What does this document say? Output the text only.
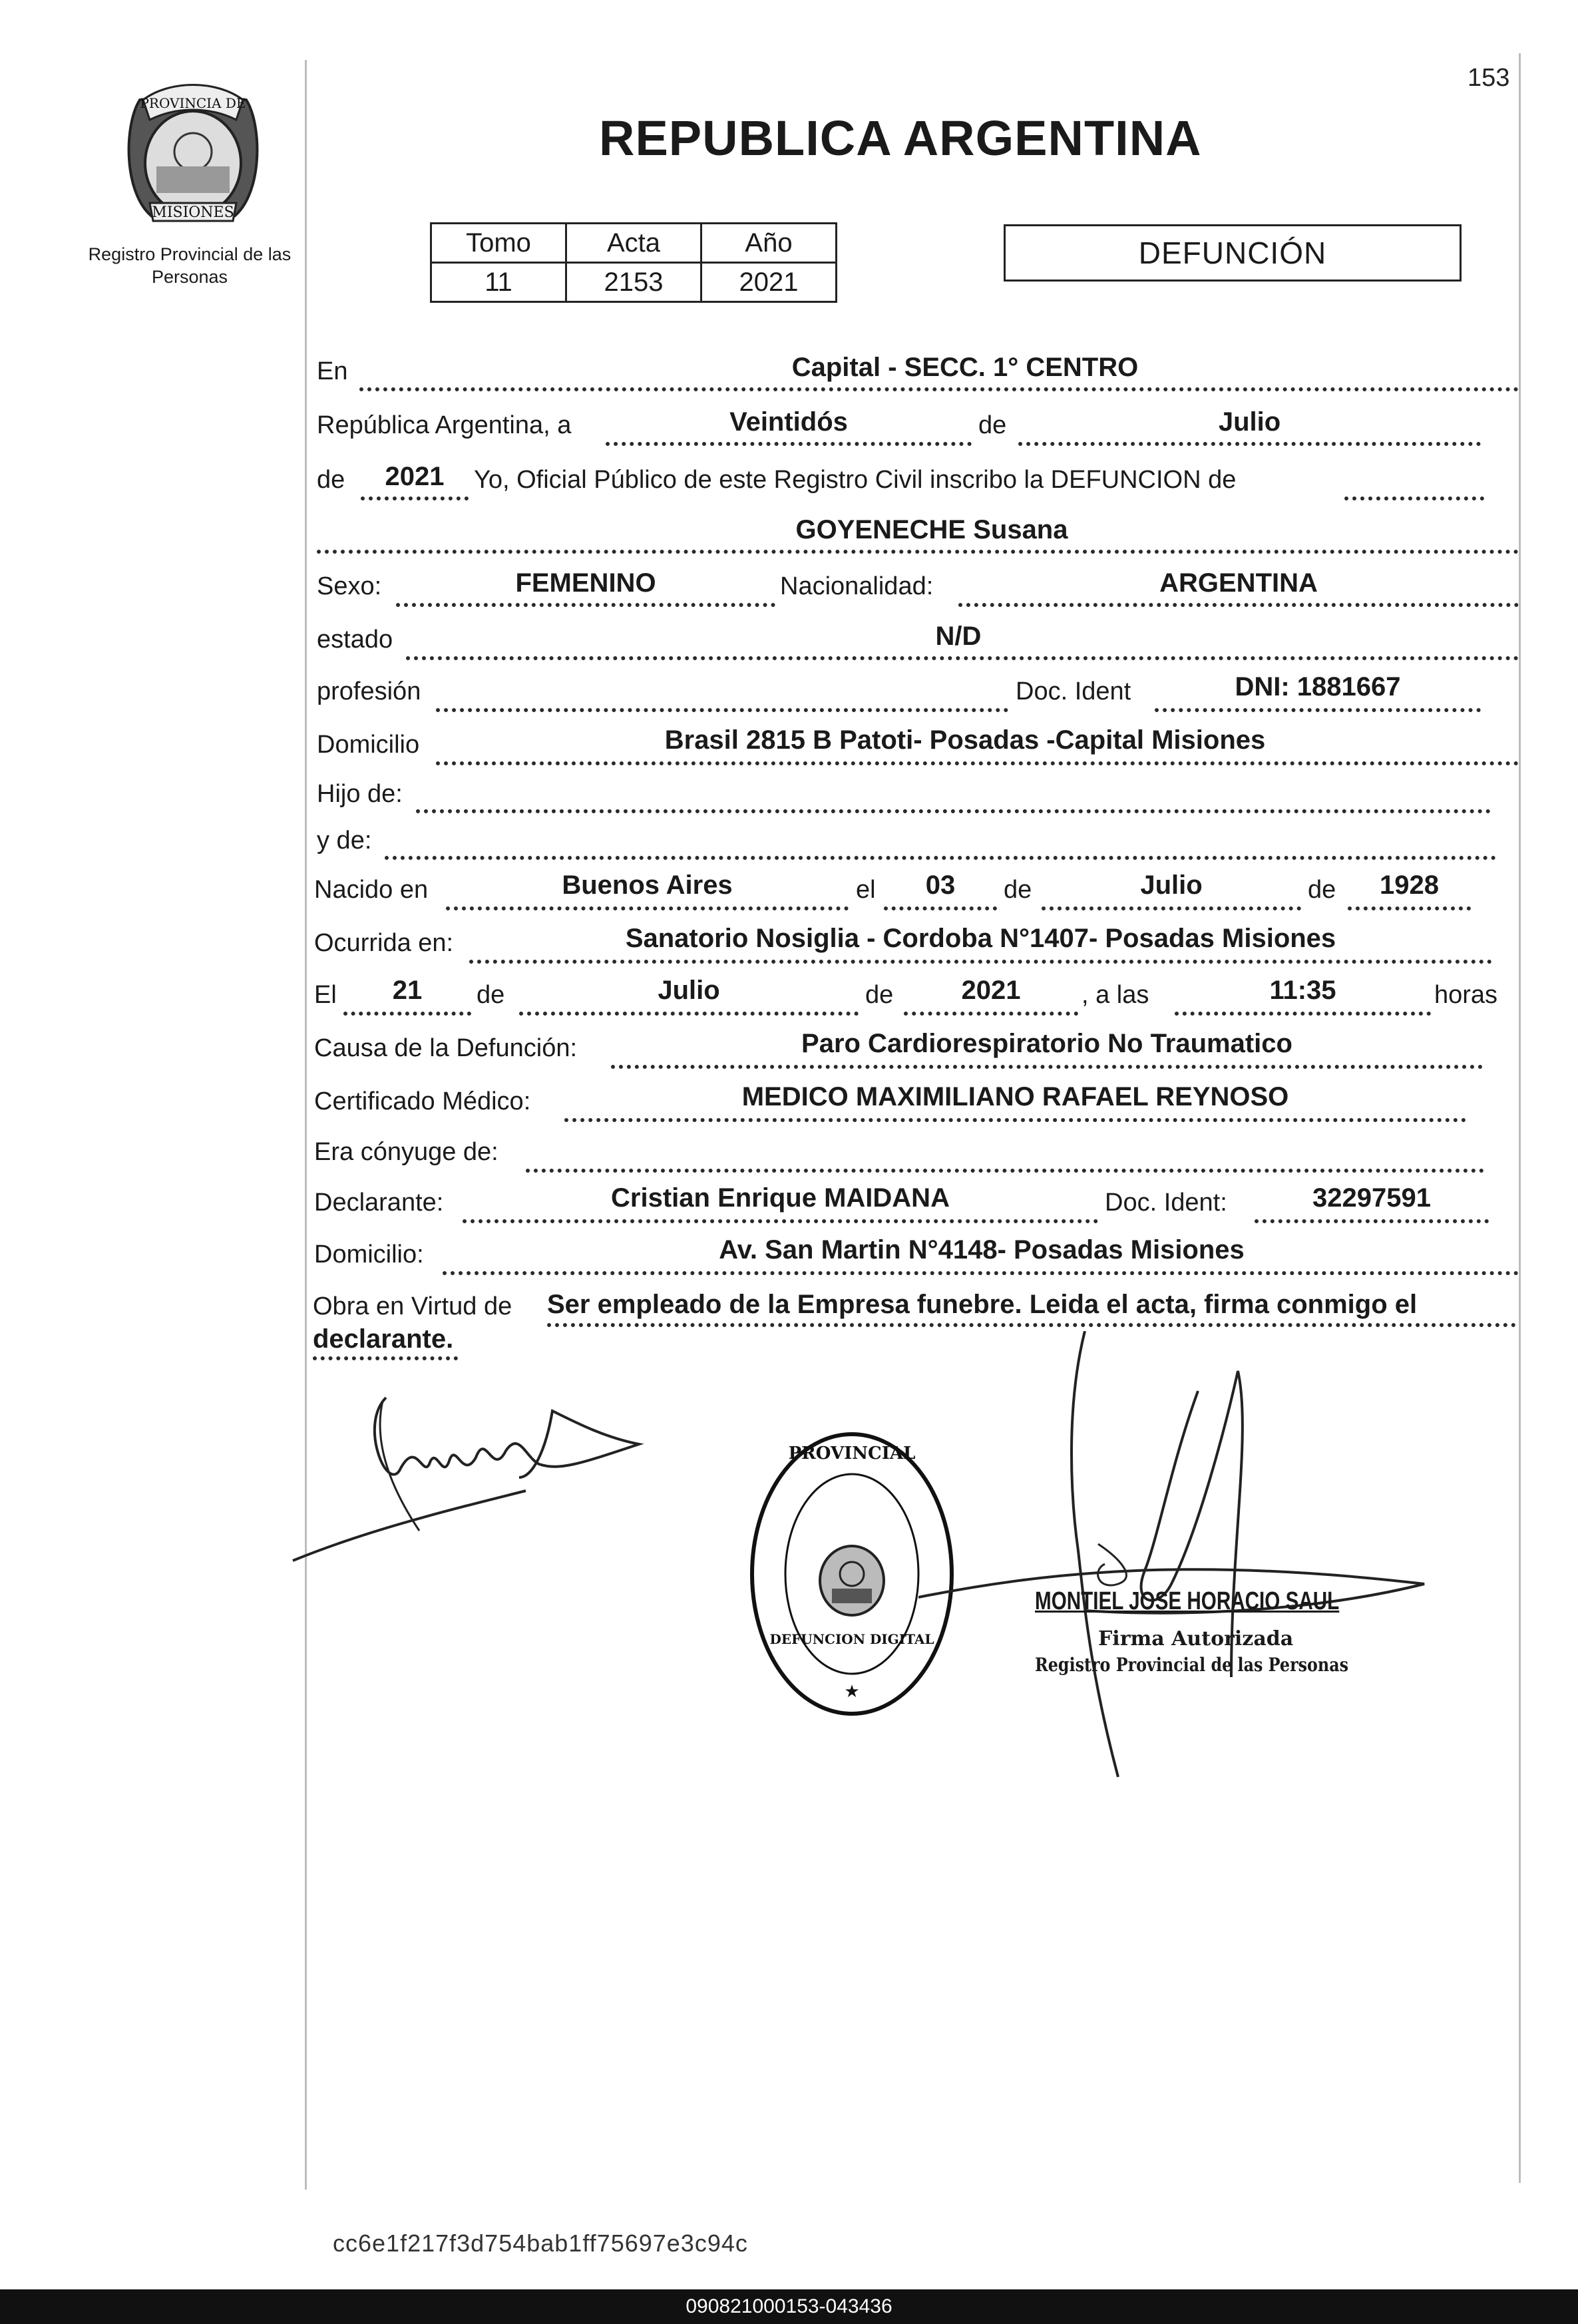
153
PROVINCIA DE
MISIONES
Registro Provincial de las Personas
REPUBLICA ARGENTINA
Tomo	Acta	Año
11	2153	2021
DEFUNCIÓN
En	Capital - SECC. 1° CENTRO
República Argentina, a	Veintidós	de	Julio
de	2021	Yo, Oficial Público de este Registro Civil inscribo la DEFUNCION de
GOYENECHE Susana
Sexo:	FEMENINO	Nacionalidad:	ARGENTINA
estado	N/D
profesión	Doc. Ident	DNI: 1881667
Domicilio	Brasil 2815 B Patoti- Posadas -Capital Misiones
Hijo de:
y de:
Nacido en	Buenos Aires	el	03	de	Julio	de	1928
Ocurrida en:	Sanatorio Nosiglia - Cordoba N°1407- Posadas Misiones
El	21	de	Julio	de	2021	, a las	11:35	horas
Causa de la Defunción:	Paro Cardiorespiratorio No Traumatico
Certificado Médico:	MEDICO MAXIMILIANO RAFAEL REYNOSO
Era cónyuge de:
Declarante:	Cristian Enrique MAIDANA	Doc. Ident:	32297591
Domicilio:	Av. San Martin N°4148- Posadas Misiones
Obra en Virtud de Ser empleado de la Empresa funebre. Leida el acta, firma conmigo el
declarante.
PROVINCIAL
★
DEFUNCION DIGITAL
MONTIEL JOSE HORACIO SAUL
Firma Autorizada
Registro Provincial de las Personas
cc6e1f217f3d754bab1ff75697e3c94c
090821000153-043436
